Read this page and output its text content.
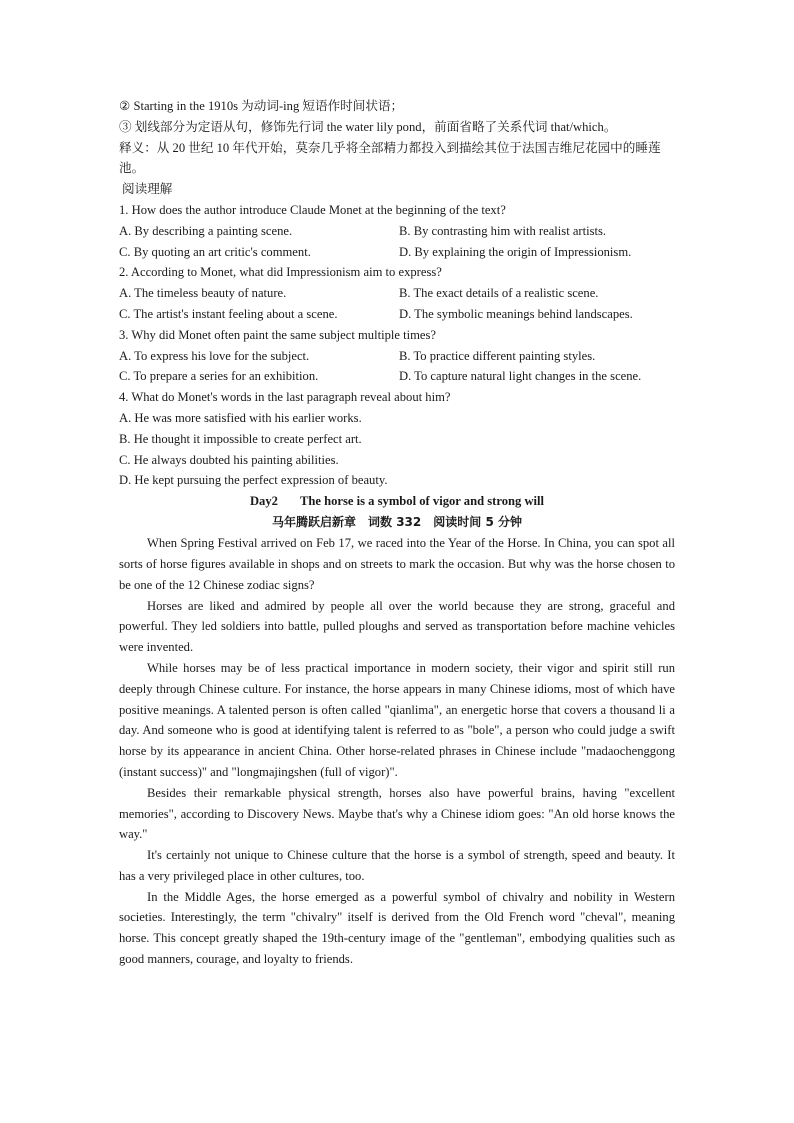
② Starting in the 1910s 为动词-ing 短语作时间状语；
③ 划线部分为定语从句，修饰先行词 the water lily pond，前面省略了关系代词 that/which。
释义：从 20 世纪 10 年代开始，莫奈几乎将全部精力都投入到描绘其位于法国吉维尼花园中的睡莲池。
阅读理解
1. How does the author introduce Claude Monet at the beginning of the text?
A. By describing a painting scene.	B. By contrasting him with realist artists.
C. By quoting an art critic's comment.	D. By explaining the origin of Impressionism.
2. According to Monet, what did Impressionism aim to express?
A. The timeless beauty of nature.	B. The exact details of a realistic scene.
C. The artist's instant feeling about a scene.	D. The symbolic meanings behind landscapes.
3. Why did Monet often paint the same subject multiple times?
A. To express his love for the subject.	B. To practice different painting styles.
C. To prepare a series for an exhibition.	D. To capture natural light changes in the scene.
4. What do Monet's words in the last paragraph reveal about him?
A. He was more satisfied with his earlier works.
B. He thought it impossible to create perfect art.
C. He always doubted his painting abilities.
D. He kept pursuing the perfect expression of beauty.
Day2 The horse is a symbol of vigor and strong will
马年腾跃启新章 词数 332 阅读时间 5 分钟

When Spring Festival arrived on Feb 17, we raced into the Year of the Horse. In China, you can spot all sorts of horse figures available in shops and on streets to mark the occasion. But why was the horse chosen to be one of the 12 Chinese zodiac signs?

Horses are liked and admired by people all over the world because they are strong, graceful and powerful. They led soldiers into battle, pulled ploughs and served as transportation before machine vehicles were invented.

While horses may be of less practical importance in modern society, their vigor and spirit still run deeply through Chinese culture. For instance, the horse appears in many Chinese idioms, most of which have positive meanings. A talented person is often called "qianlima", an energetic horse that covers a thousand li a day. And someone who is good at identifying talent is referred to as "bole", a person who could judge a swift horse by its appearance in ancient China. Other horse-related phrases in Chinese include "madaochenggong (instant success)" and "longmajingshen (full of vigor)".

Besides their remarkable physical strength, horses also have powerful brains, having "excellent memories", according to Discovery News. Maybe that's why a Chinese idiom goes: "An old horse knows the way."

It's certainly not unique to Chinese culture that the horse is a symbol of strength, speed and beauty. It has a very privileged place in other cultures, too.

In the Middle Ages, the horse emerged as a powerful symbol of chivalry and nobility in Western societies. Interestingly, the term "chivalry" itself is derived from the Old French word "cheval", meaning horse. This concept greatly shaped the 19th-century image of the "gentleman", embodying qualities such as good manners, courage, and loyalty to friends.
